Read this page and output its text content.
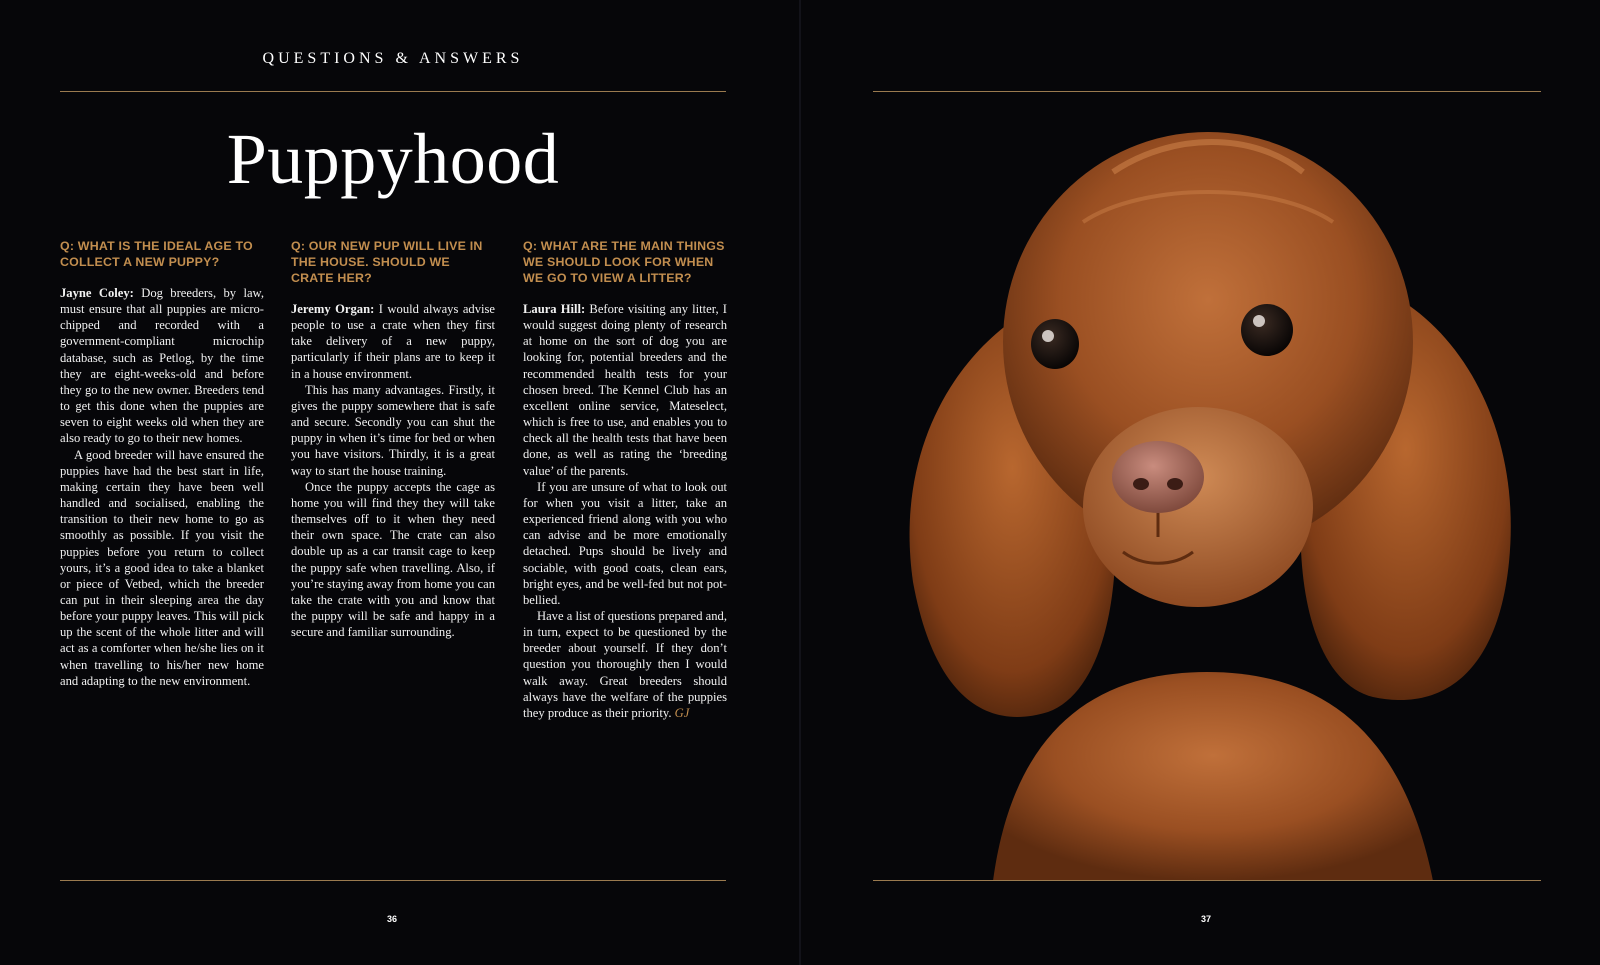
QUESTIONS & ANSWERS
Puppyhood
Q: WHAT IS THE IDEAL AGE TO COLLECT A NEW PUPPY?

Jayne Coley: Dog breeders, by law, must ensure that all puppies are micro-chipped and recorded with a government-compliant microchip database, such as Petlog, by the time they are eight-weeks-old and before they go to the new owner. Breeders tend to get this done when the puppies are seven to eight weeks old when they are also ready to go to their new homes.

A good breeder will have ensured the puppies have had the best start in life, making certain they have been well handled and socialised, enabling the transition to their new home to go as smoothly as possible. If you visit the puppies before you return to collect yours, it’s a good idea to take a blanket or piece of Vetbed, which the breeder can put in their sleeping area the day before your puppy leaves. This will pick up the scent of the whole litter and will act as a comforter when he/she lies on it when travelling to his/her new home and adapting to the new environment.

Q: OUR NEW PUP WILL LIVE IN THE HOUSE. SHOULD WE CRATE HER?

Jeremy Organ: I would always advise people to use a crate when they first take delivery of a new puppy, particularly if their plans are to keep it in a house environment.

This has many advantages. Firstly, it gives the puppy somewhere that is safe and secure. Secondly you can shut the puppy in when it’s time for bed or when you have visitors. Thirdly, it is a great way to start the house training.

Once the puppy accepts the cage as home you will find they they will take themselves off to it when they need their own space. The crate can also double up as a car transit cage to keep the puppy safe when travelling. Also, if you’re staying away from home you can take the crate with you and know that the puppy will be safe and happy in a secure and familiar surrounding.

Q: WHAT ARE THE MAIN THINGS WE SHOULD LOOK FOR WHEN WE GO TO VIEW A LITTER?

Laura Hill: Before visiting any litter, I would suggest doing plenty of research at home on the sort of dog you are looking for, potential breeders and the recommended health tests for your chosen breed. The Kennel Club has an excellent online service, Mateselect, which is free to use, and enables you to check all the health tests that have been done, as well as rating the ‘breeding value’ of the parents.

If you are unsure of what to look out for when you visit a litter, take an experienced friend along with you who can advise and be more emotionally detached. Pups should be lively and sociable, with good coats, clean ears, bright eyes, and be well-fed but not pot-bellied.

Have a list of questions prepared and, in turn, expect to be questioned by the breeder about yourself. If they don’t question you thoroughly then I would walk away. Great breeders should always have the welfare of the puppies they produce as their priority. GJ

36	37
